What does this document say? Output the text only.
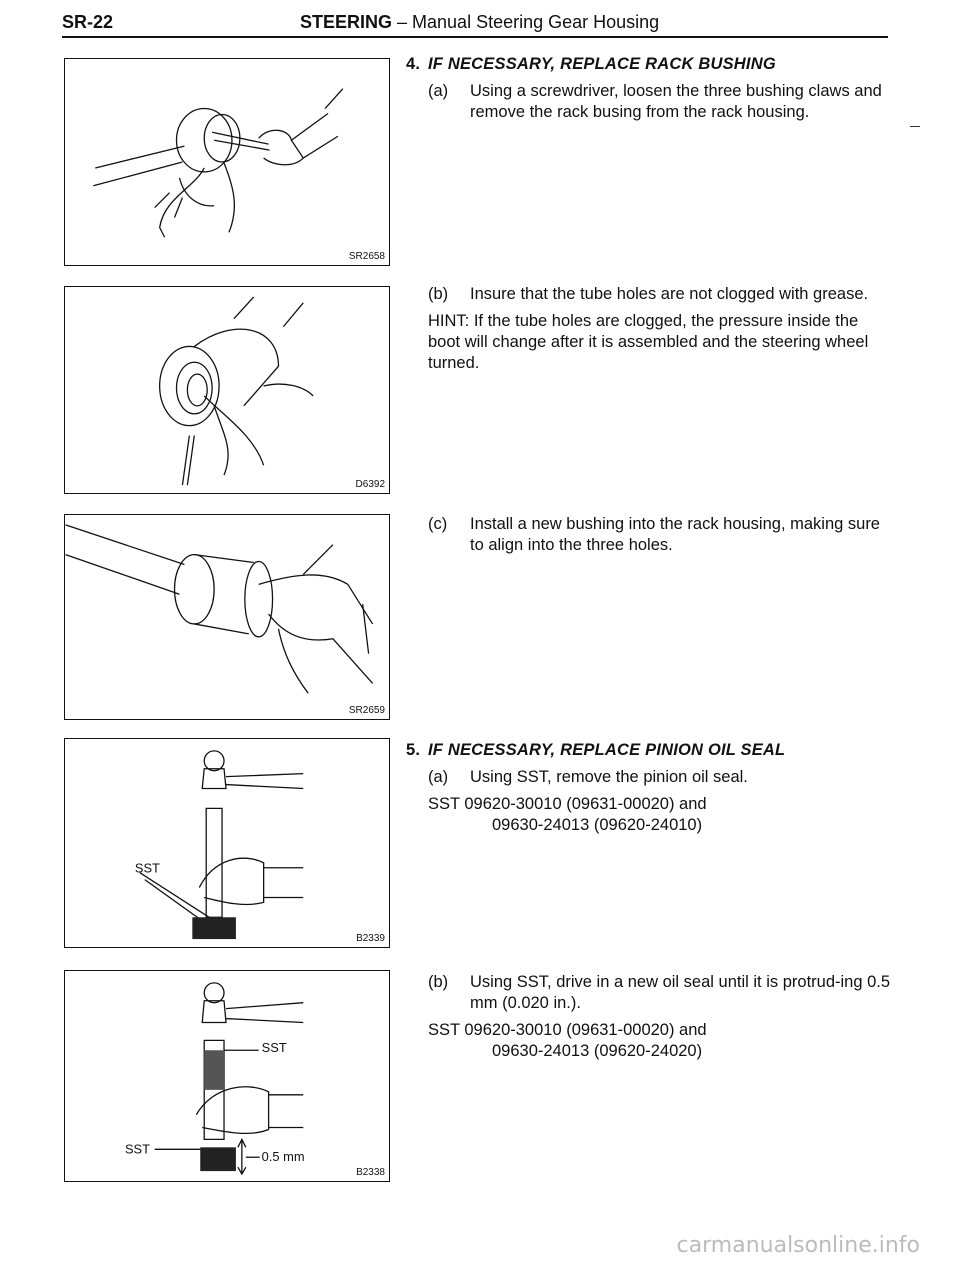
SR-22	STEERING – Manual Steering Gear Housing
SR2658
D6392
SR2659
SST
B2339
SST
SST
0.5 mm
B2338
4. IF NECESSARY, REPLACE RACK BUSHING
(a) Using a screwdriver, loosen the three bushing claws and remove the rack busing from the rack housing.
(b) Insure that the tube holes are not clogged with grease.
HINT: If the tube holes are clogged, the pressure inside the boot will change after it is assembled and the steering wheel turned.
(c) Install a new bushing into the rack housing, making sure to align into the three holes.
5. IF NECESSARY, REPLACE PINION OIL SEAL
(a) Using SST, remove the pinion oil seal.
SST 09620-30010 (09631-00020) and
09630-24013 (09620-24010)
(b) Using SST, drive in a new oil seal until it is protrud-ing 0.5 mm (0.020 in.).
SST 09620-30010 (09631-00020) and
09630-24013 (09620-24020)
carmanualsonline.info
